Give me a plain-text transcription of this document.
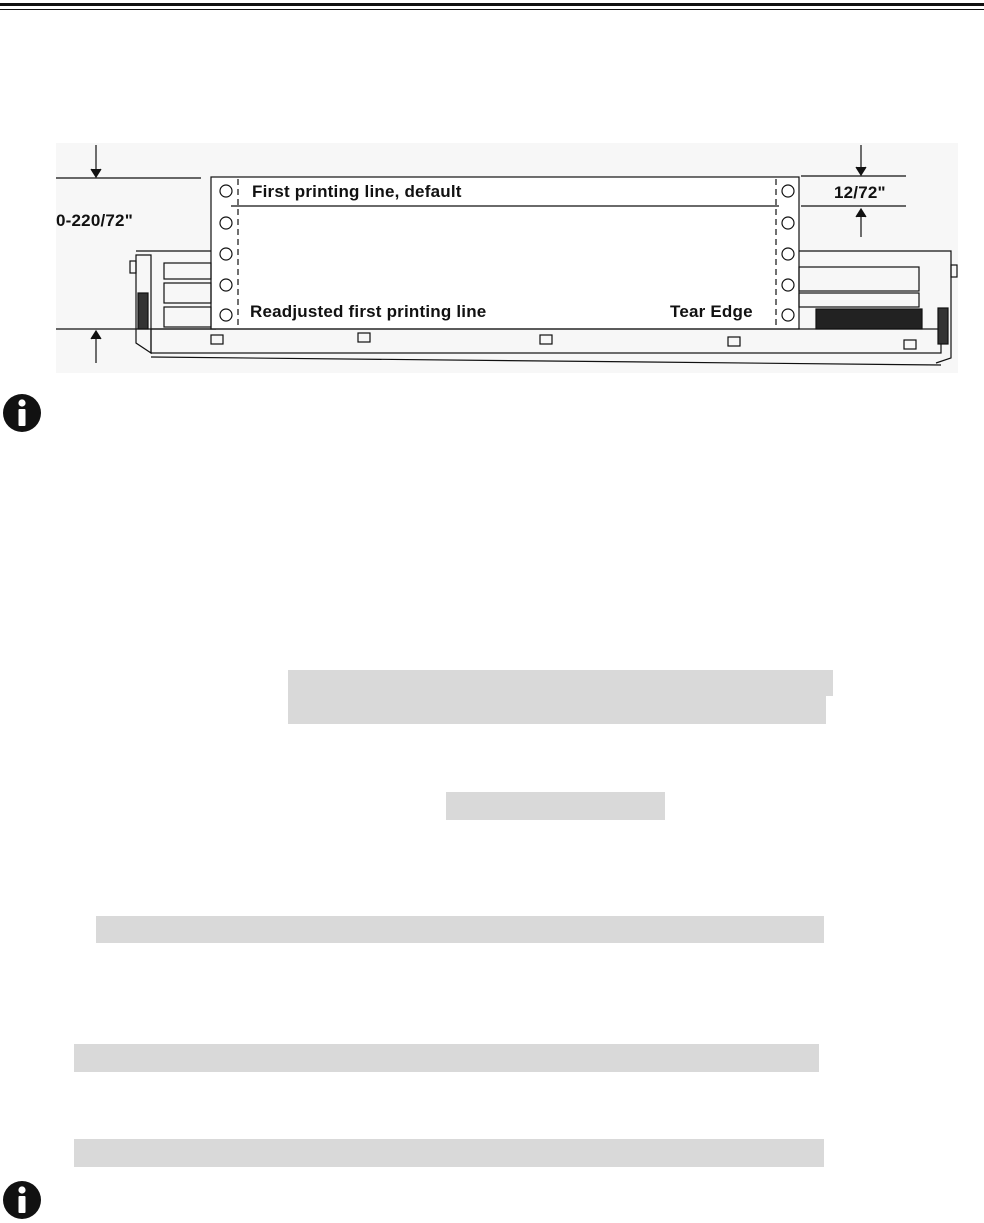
First printing line, default
Readjusted first printing line	Tear Edge
0-220/72"
12/72"
